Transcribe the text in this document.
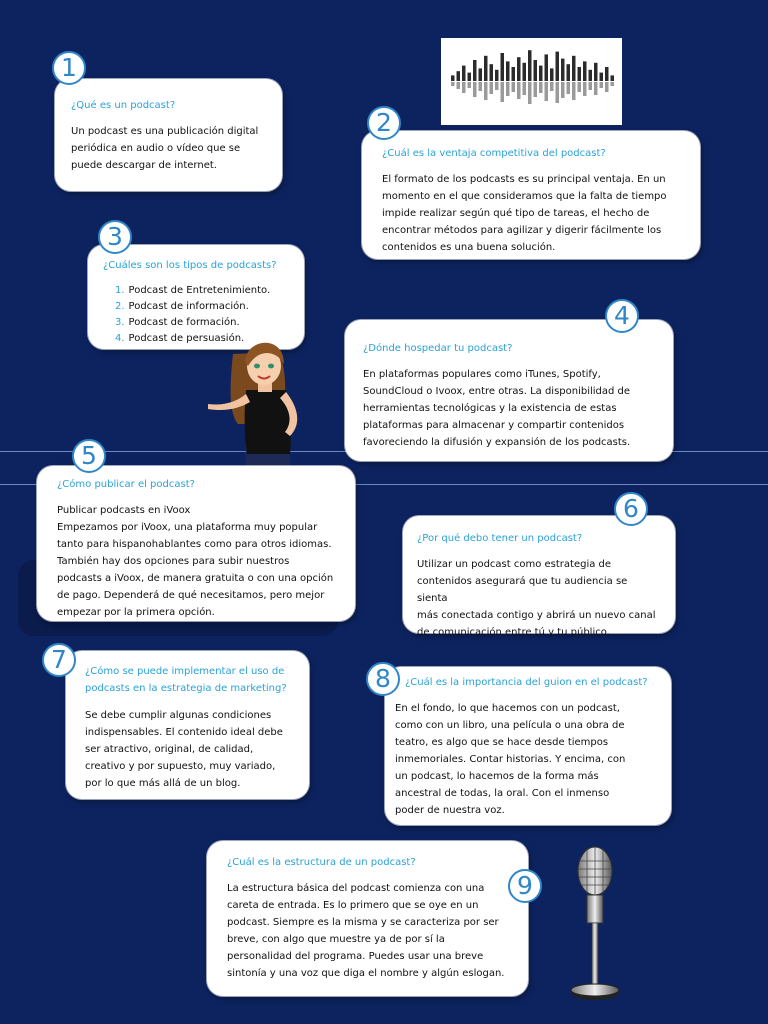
¿Qué es un podcast?

Un podcast es una publicación digital
periódica en audio o vídeo que se
puede descargar de internet.

1

¿Cuál es la ventaja competitiva del podcast?

El formato de los podcasts es su principal ventaja. En un
momento en el que consideramos que la falta de tiempo
impide realizar según qué tipo de tareas, el hecho de
encontrar métodos para agilizar y digerir fácilmente los
contenidos es una buena solución.

2

¿Cuáles son los tipos de podcasts?

1. Podcast de Entretenimiento.
2. Podcast de información.
3. Podcast de formación.
4. Podcast de persuasión.
3

¿Dónde hospedar tu podcast?

En plataformas populares como iTunes, Spotify,
SoundCloud o Ivoox, entre otras. La disponibilidad de
herramientas tecnológicas y la existencia de estas
plataformas para almacenar y compartir contenidos
favoreciendo la difusión y expansión de los podcasts.

4

¿Cómo publicar el podcast?

Publicar podcasts en iVoox
Empezamos por iVoox, una plataforma muy popular
tanto para hispanohablantes como para otros idiomas.
También hay dos opciones para subir nuestros
podcasts a iVoox, de manera gratuita o con una opción
de pago. Dependerá de qué necesitamos, pero mejor
empezar por la primera opción.

5

¿Por qué debo tener un podcast?

Utilizar un podcast como estrategia de
contenidos asegurará que tu audiencia se sienta
más conectada contigo y abrirá un nuevo canal
de comunicación entre tú y tu público.

6

¿Cómo se puede implementar el uso de
podcasts en la estrategia de marketing?

Se debe cumplir algunas condiciones
indispensables. El contenido ideal debe
ser atractivo, original, de calidad,
creativo y por supuesto, muy variado,
por lo que más allá de un blog.

7

¿Cuál es la importancia del guion en el podcast?

En el fondo, lo que hacemos con un podcast,
como con un libro, una película o una obra de
teatro, es algo que se hace desde tiempos
inmemoriales. Contar historias. Y encima, con
un podcast, lo hacemos de la forma más
ancestral de todas, la oral. Con el inmenso
poder de nuestra voz.

8

¿Cuál es la estructura de un podcast?

La estructura básica del podcast comienza con una
careta de entrada. Es lo primero que se oye en un
podcast. Siempre es la misma y se caracteriza por ser
breve, con algo que muestre ya de por sí la
personalidad del programa. Puedes usar una breve
sintonía y una voz que diga el nombre y algún eslogan.

9
